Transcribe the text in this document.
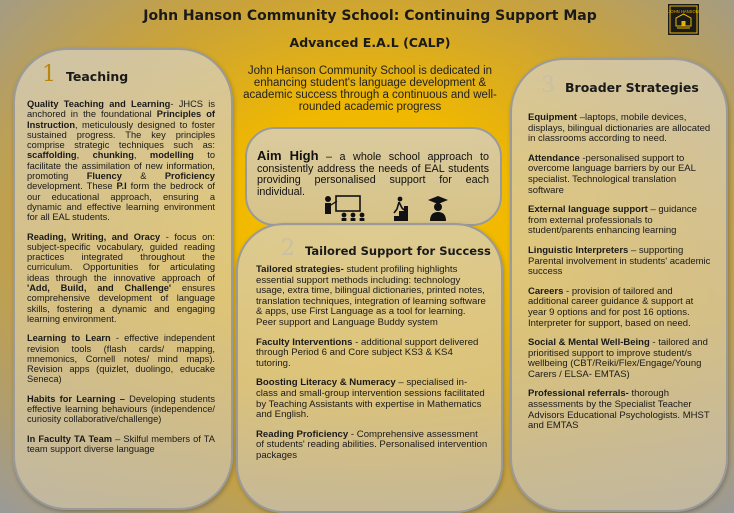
John Hanson Community School: Continuing Support Map
Advanced E.A.L (CALP)
John Hanson Community School is dedicated in enhancing student's language development & academic success through a continuous and well-rounded academic progress
JOHN HANSON
1 Teaching

Quality Teaching and Learning- JHCS is anchored in the foundational Principles of Instruction, meticulously designed to foster sustained progress. The key principles comprise strategic techniques such as: scaffolding, chunking, modelling to facilitate the assimilation of new information, promoting Fluency & Proficiency development. These P.I form the bedrock of our educational approach, ensuring a dynamic and effective learning environment for all EAL students.

Reading, Writing, and Oracy - focus on: subject-specific vocabulary, guided reading practices integrated throughout the curriculum. Opportunities for articulating ideas through the innovative approach of 'Add, Build, and Challenge' ensures comprehensive development of language skills, fostering a dynamic and engaging learning environment.

Learning to Learn - effective independent revision tools (flash cards/ mapping, mnemonics, Cornell notes/ mind maps). Revision apps (quizlet, duolingo, educake Seneca)

Habits for Learning – Developing students effective learning behaviours (independence/ curiosity collaborative/challenge)

In Faculty TA Team – Skilful members of TA team support diverse language

Aim High – a whole school approach to consistently address the needs of EAL students providing personalised support for each individual.
2 Tailored Support for Success

Tailored strategies- student profiling highlights essential support methods including: technology usage, extra time, bilingual dictionaries, printed notes, translation techniques, integration of learning software & apps, use First Language as a tool for learning. Peer support and Language Buddy system

Faculty Interventions - additional support delivered through Period 6 and Core subject KS3 & KS4 tutoring.

Boosting Literacy & Numeracy – specialised in-class and small-group intervention sessions facilitated by Teaching Assistants with expertise in Mathematics and English.

Reading Proficiency - Comprehensive assessment of students' reading abilities. Personalised intervention packages

3 Broader Strategies

Equipment –laptops, mobile devices, displays, bilingual dictionaries are allocated in classrooms according to need.

Attendance -personalised support to overcome language barriers by our EAL specialist. Technological translation software

External language support – guidance from external professionals to student/parents enhancing learning

Linguistic Interpreters – supporting Parental involvement in students' academic success

Careers - provision of tailored and additional career guidance & support at year 9 options and for post 16 options. Interpreter for support, based on need.

Social & Mental Well-Being - tailored and prioritised support to improve student/s wellbeing (CBT/Reiki/Flex/Engage/Young Carers / ELSA- EMTAS)

Professional referrals- thorough assessments by the Specialist Teacher Advisors Educational Psychologists. MHST and EMTAS
